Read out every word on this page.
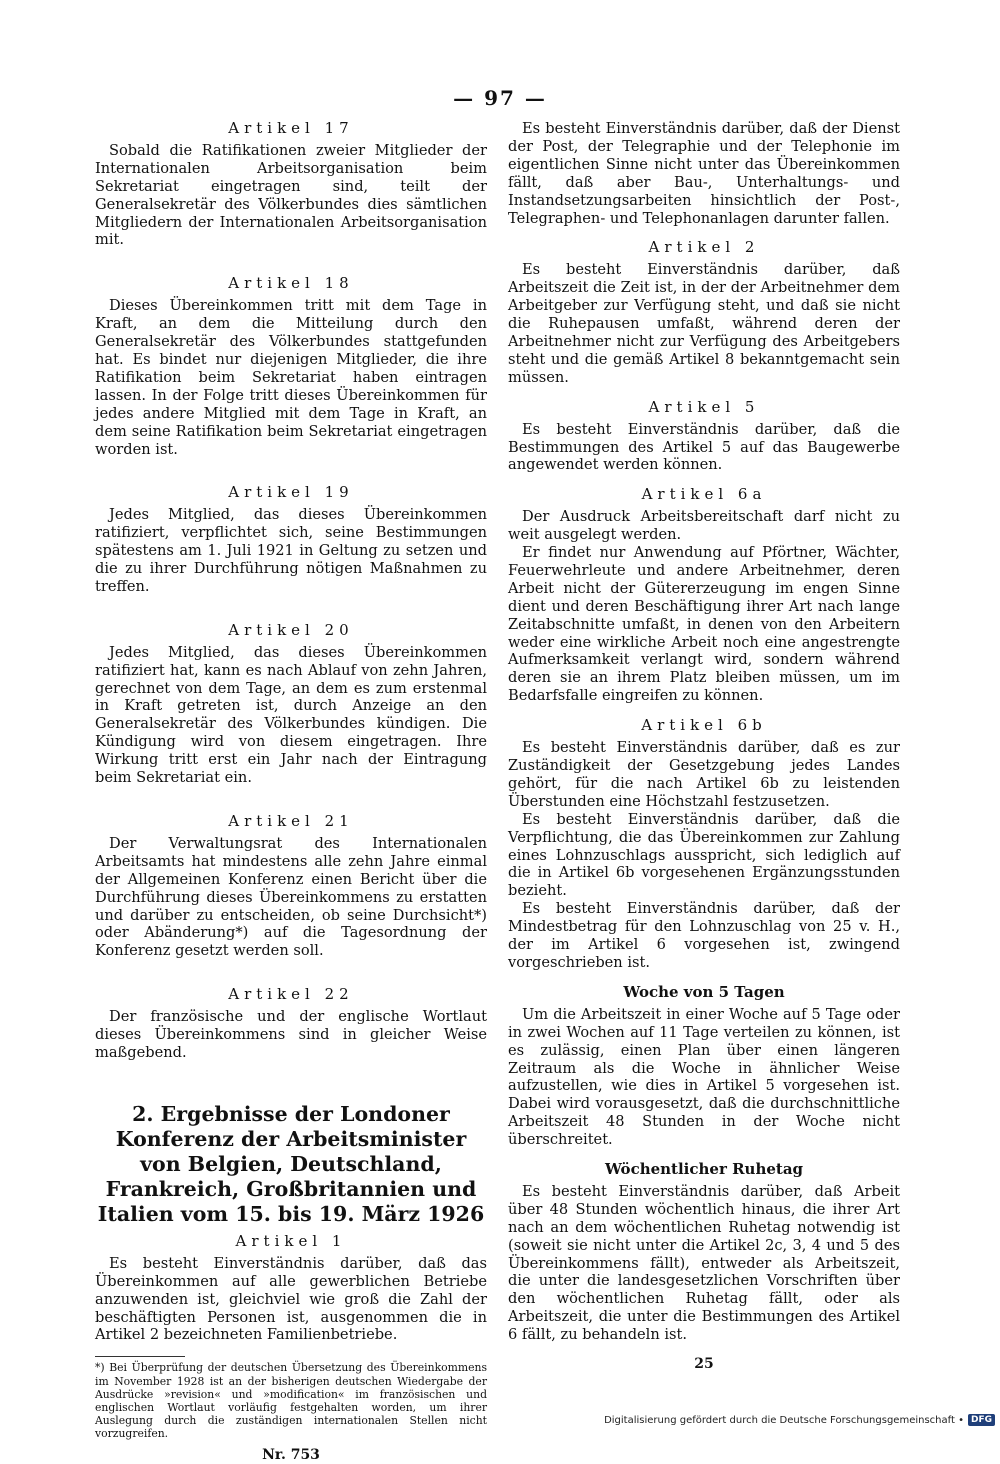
— 97 —
Artikel 17

Sobald die Ratifikationen zweier Mitglieder der Internationalen Arbeitsorganisation beim Sekretariat eingetragen sind, teilt der Generalsekretär des Völkerbundes dies sämtlichen Mitgliedern der Internationalen Arbeitsorganisation mit.

Artikel 18

Dieses Übereinkommen tritt mit dem Tage in Kraft, an dem die Mitteilung durch den Generalsekretär des Völkerbundes stattgefunden hat. Es bindet nur diejenigen Mitglieder, die ihre Ratifikation beim Sekretariat haben eintragen lassen. In der Folge tritt dieses Übereinkommen für jedes andere Mitglied mit dem Tage in Kraft, an dem seine Ratifikation beim Sekretariat eingetragen worden ist.

Artikel 19

Jedes Mitglied, das dieses Übereinkommen ratifiziert, verpflichtet sich, seine Bestimmungen spätestens am 1. Juli 1921 in Geltung zu setzen und die zu ihrer Durchführung nötigen Maßnahmen zu treffen.

Artikel 20

Jedes Mitglied, das dieses Übereinkommen ratifiziert hat, kann es nach Ablauf von zehn Jahren, gerechnet von dem Tage, an dem es zum erstenmal in Kraft getreten ist, durch Anzeige an den Generalsekretär des Völkerbundes kündigen. Die Kündigung wird von diesem eingetragen. Ihre Wirkung tritt erst ein Jahr nach der Eintragung beim Sekretariat ein.

Artikel 21

Der Verwaltungsrat des Internationalen Arbeitsamts hat mindestens alle zehn Jahre einmal der Allgemeinen Konferenz einen Bericht über die Durchführung dieses Übereinkommens zu erstatten und darüber zu entscheiden, ob seine Durchsicht*) oder Abänderung*) auf die Tagesordnung der Konferenz gesetzt werden soll.

Artikel 22

Der französische und der englische Wortlaut dieses Übereinkommens sind in gleicher Weise maßgebend.

2. Ergebnisse der Londoner Konferenz der Arbeitsminister von Belgien, Deutschland, Frankreich, Großbritannien und Italien vom 15. bis 19. März 1926
Artikel 1

Es besteht Einverständnis darüber, daß das Übereinkommen auf alle gewerblichen Betriebe anzuwenden ist, gleichviel wie groß die Zahl der beschäftigten Personen ist, ausgenommen die in Artikel 2 bezeichneten Familienbetriebe.

*) Bei Überprüfung der deutschen Übersetzung des Übereinkommens im November 1928 ist an der bisherigen deutschen Wiedergabe der Ausdrücke »revision« und »modification« im französischen und englischen Wortlaut vorläufig festgehalten worden, um ihrer Auslegung durch die zuständigen internationalen Stellen nicht vorzugreifen.

Nr. 753

Es besteht Einverständnis darüber, daß der Dienst der Post, der Telegraphie und der Telephonie im eigentlichen Sinne nicht unter das Übereinkommen fällt, daß aber Bau-, Unterhaltungs- und Instandsetzungsarbeiten hinsichtlich der Post-, Telegraphen- und Telephonanlagen darunter fallen.

Artikel 2

Es besteht Einverständnis darüber, daß Arbeitszeit die Zeit ist, in der der Arbeitnehmer dem Arbeitgeber zur Verfügung steht, und daß sie nicht die Ruhepausen umfaßt, während deren der Arbeitnehmer nicht zur Verfügung des Arbeitgebers steht und die gemäß Artikel 8 bekanntgemacht sein müssen.

Artikel 5

Es besteht Einverständnis darüber, daß die Bestimmungen des Artikel 5 auf das Baugewerbe angewendet werden können.

Artikel 6a

Der Ausdruck Arbeitsbereitschaft darf nicht zu weit ausgelegt werden.

Er findet nur Anwendung auf Pförtner, Wächter, Feuerwehrleute und andere Arbeitnehmer, deren Arbeit nicht der Gütererzeugung im engen Sinne dient und deren Beschäftigung ihrer Art nach lange Zeitabschnitte umfaßt, in denen von den Arbeitern weder eine wirkliche Arbeit noch eine angestrengte Aufmerksamkeit verlangt wird, sondern während deren sie an ihrem Platz bleiben müssen, um im Bedarfsfalle eingreifen zu können.

Artikel 6b

Es besteht Einverständnis darüber, daß es zur Zuständigkeit der Gesetzgebung jedes Landes gehört, für die nach Artikel 6b zu leistenden Überstunden eine Höchstzahl festzusetzen.

Es besteht Einverständnis darüber, daß die Verpflichtung, die das Übereinkommen zur Zahlung eines Lohnzuschlags ausspricht, sich lediglich auf die in Artikel 6b vorgesehenen Ergänzungsstunden bezieht.

Es besteht Einverständnis darüber, daß der Mindestbetrag für den Lohnzuschlag von 25 v. H., der im Artikel 6 vorgesehen ist, zwingend vorgeschrieben ist.

Woche von 5 Tagen

Um die Arbeitszeit in einer Woche auf 5 Tage oder in zwei Wochen auf 11 Tage verteilen zu können, ist es zulässig, einen Plan über einen längeren Zeitraum als die Woche in ähnlicher Weise aufzustellen, wie dies in Artikel 5 vorgesehen ist. Dabei wird vorausgesetzt, daß die durchschnittliche Arbeitszeit 48 Stunden in der Woche nicht überschreitet.

Wöchentlicher Ruhetag

Es besteht Einverständnis darüber, daß Arbeit über 48 Stunden wöchentlich hinaus, die ihrer Art nach an dem wöchentlichen Ruhetag notwendig ist (soweit sie nicht unter die Artikel 2c, 3, 4 und 5 des Übereinkommens fällt), entweder als Arbeitszeit, die unter die landesgesetzlichen Vorschriften über den wöchentlichen Ruhetag fällt, oder als Arbeitszeit, die unter die Bestimmungen des Artikel 6 fällt, zu behandeln ist.

25
Digitalisierung gefördert durch die Deutsche Forschungsgemeinschaft • DFG
